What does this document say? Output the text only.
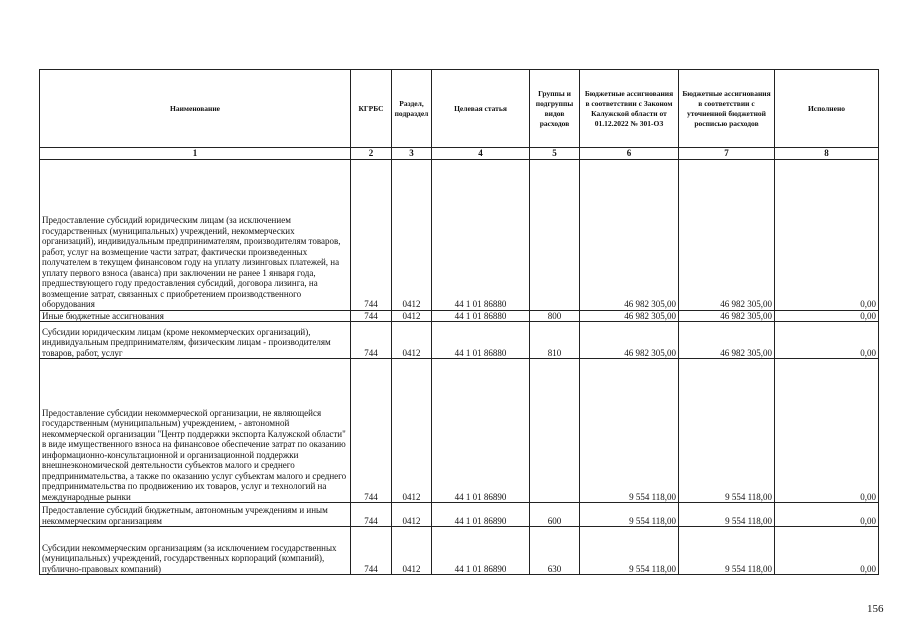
Наименование	КГРБС	Раздел, подраздел	Целевая статья	Группы и подгруппы видов расходов	Бюджетные ассигнования в соответствии с Законом Калужской области от 01.12.2022 № 301-ОЗ	Бюджетные ассигнования в соответствии с уточненной бюджетной росписью расходов	Исполнено
1	2	3	4	5	6	7	8
Предоставление субсидий юридическим лицам (за исключением государственных (муниципальных) учреждений, некоммерческих организаций), индивидуальным предпринимателям, производителям товаров, работ, услуг на возмещение части затрат, фактически произведенных получателем в текущем финансовом году на уплату лизинговых платежей, на уплату первого взноса (аванса) при заключении не ранее 1 января года, предшествующего году предоставления субсидий, договора лизинга, на возмещение затрат, связанных с приобретением производственного оборудования	744	0412	44 1 01 86880		46 982 305,00	46 982 305,00	0,00
Иные бюджетные ассигнования	744	0412	44 1 01 86880	800	46 982 305,00	46 982 305,00	0,00
Субсидии юридическим лицам (кроме некоммерческих организаций), индивидуальным предпринимателям, физическим лицам - производителям товаров, работ, услуг	744	0412	44 1 01 86880	810	46 982 305,00	46 982 305,00	0,00
Предоставление субсидии некоммерческой организации, не являющейся государственным (муниципальным) учреждением, - автономной некоммерческой организации "Центр поддержки экспорта Калужской области" в виде имущественного взноса на финансовое обеспечение затрат по оказанию информационно-консультационной и организационной поддержки внешнеэкономической деятельности субъектов малого и среднего предпринимательства, а также по оказанию услуг субъектам малого и среднего предпринимательства по продвижению их товаров, услуг и технологий на международные рынки	744	0412	44 1 01 86890		9 554 118,00	9 554 118,00	0,00
Предоставление субсидий бюджетным, автономным учреждениям и иным некоммерческим организациям	744	0412	44 1 01 86890	600	9 554 118,00	9 554 118,00	0,00
Субсидии некоммерческим организациям (за исключением государственных (муниципальных) учреждений, государственных корпораций (компаний), публично-правовых компаний)	744	0412	44 1 01 86890	630	9 554 118,00	9 554 118,00	0,00
156
